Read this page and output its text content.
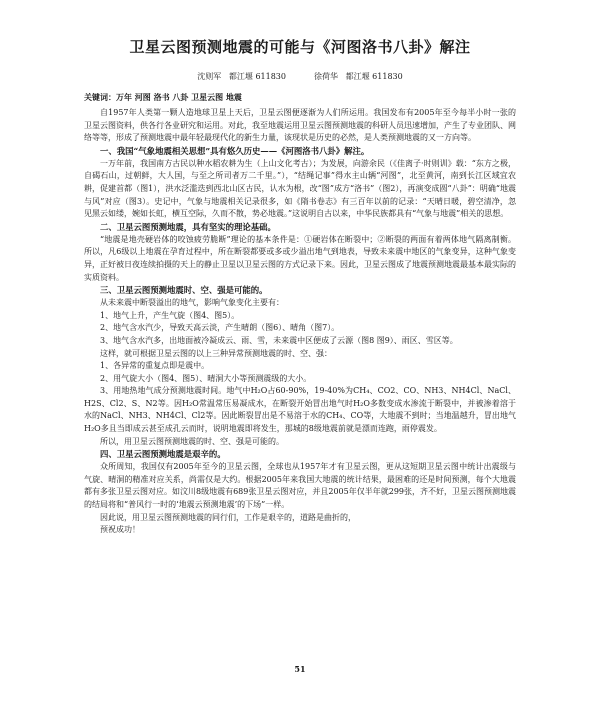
卫星云图预测地震的可能与《河图洛书八卦》解注
沈则军 都江堰 611830	徐荷华 都江堰 611830
关键词：万年 河图 洛书 八卦 卫星云图 地震

自1957年人类第一颗人造地球卫星上天后，卫星云图便逐渐为人们所运用。我国发布有2005年至今每半小时一张的卫星云图资料，供各行各业研究和运用。对此，我至地震运用卫星云图预测地震的科研人员迅速增加，产生了专业团队、网络等等，形成了预测地震中最年轻最现代化的新生力量，该现状是历史的必然，是人类预测地震的又一方向等。

一、我国“气象地震相关思想”具有悠久历史——《河图洛书八卦》解注。

一万年前，我国南方古民以种水稻农耕为生（上山文化考古）；为发展，向游余民（《佳离子·时则训》载：“东方之极，自碣石山，过朝鲜，大人国，与至之所司者万二千里。”），“结绳记事”得水主山辆“河图”，北至黄河，南到长江区域宜农耕，促建首都（图1），洪水泛滥迭到西北山区古民，认水为根，改“图”成方“洛书”（图2），再演变成圆“八卦”：明确“地震与风”对应（图3）。史记中，气象与地震相关记录很多，如《隋书卷志》有三百年以前的记录：“天晴日暖，碧空清净，忽见黑云如缕，婉如长虹，横互空际，久而不散，势必地震。”这说明自古以来，中华民族都具有“气象与地震”相关的思想。

二、卫星云图预测地震，具有坚实的理论基础。

“地震是地壳硬岩体的咬蚀疲劳脆断”理论的基本条件是：①硬岩体在断裂中；②断裂的两面有着两体地气隔离制衡。所以，凡6级以上地震在孕育过程中，所在断裂都要或多或少溢出地气到地表，导致未来震中地区的气象变异，这种气象变异，正好被日夜连续拍摄的天上的静止卫星以卫星云图的方式记录下来。因此，卫星云图成了地震预测地震最基本最实际的实质资料。

三、卫星云图预测地震时、空、强是可能的。

从未来震中断裂溢出的地气，影响气象变化主要有：

1、地气上升，产生气旋（图4、图5）。
2、地气含水汽少，导致天高云淡，产生晴朗（图6）、晴角（图7）。
3、地气含水汽多，出地面被冷凝成云、雨、雪，未来震中区便成了云源（图8 图9）、雨区、雪区等。

这样，就可根据卫星云图的以上三种异常预测地震的时、空、强：

1、各异常的重复点即是震中。
2、用气旋大小（图4、图5）、晴洞大小等预测震级的大小。

3、用地热地气成分预测地震时间。地气中H₂O占60-90%，19-40%为CH₄、CO2、CO、NH3、NH4Cl、NaCl、H2S、Cl2、S、N2等。因H₂O常温常压易凝成水，在断裂开始冒出地气时H₂O多数变成水渗流于断裂中，并被渗着溶于水的NaCl、NH3、NH4Cl、Cl2等。因此断裂冒出是不易溶于水的CH₄、CO等，大地震不到时；当地温越升，冒出地气H₂O多且当即成云甚至成孔云而时，说明地震即将发生，那城的8级地震前就是漂而连跑，雨停震发。

所以，用卫星云图预测地震的时、空、强是可能的。

四、卫星云图预测地震是艰辛的。

众所周知，我国仅有2005年至今的卫星云图，全球也从1957年才有卫星云图，更从这短期卫星云图中统计出震级与气旋、晴洞的精准对应关系，尚需仅是大约。根据2005年来我国大地震的统计结果，最困难的还是时间预测，每个大地震都有多张卫星云图对应。如汶川8级地震有689张卫星云图对应，并且2005年仅半年就299张，齐不好，卫星云图预测地震的结局将和“普风行一时的‘地震云预测地震’的下场”一样。

因此说，用卫星云图预测地震的同行们，工作是艰辛的，道路是曲折的，

预祝成功！

51
